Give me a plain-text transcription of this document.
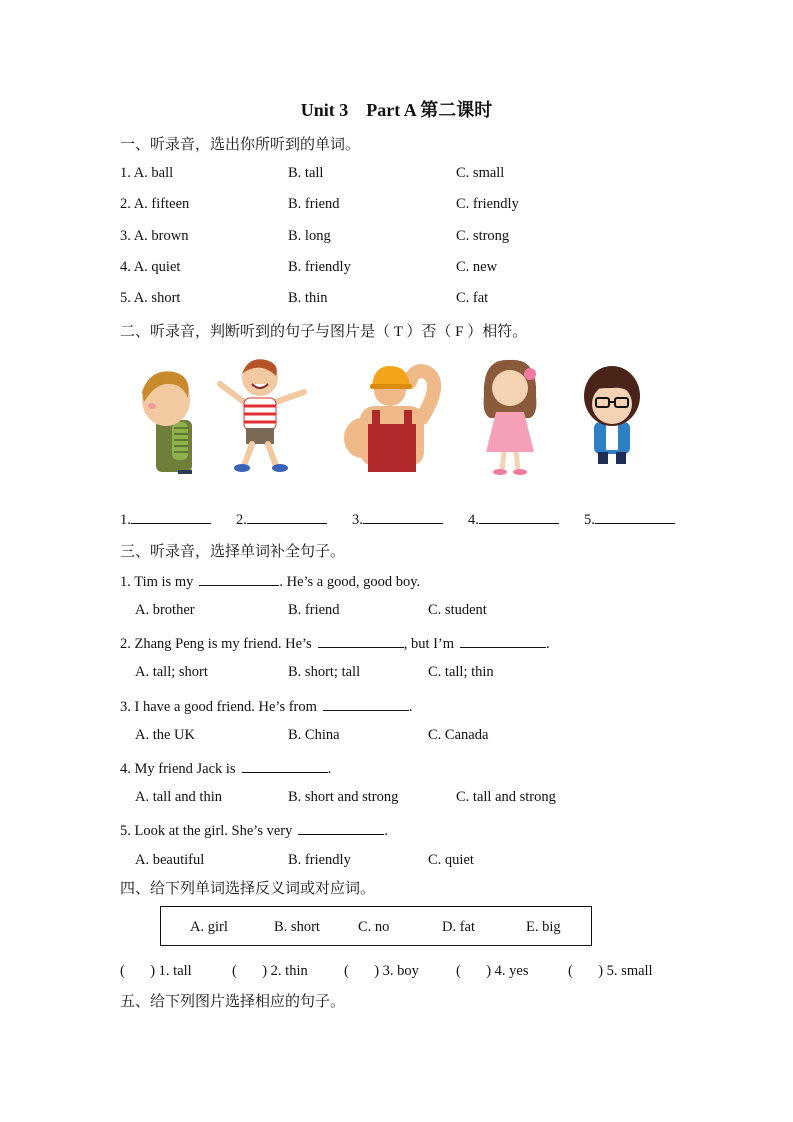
Unit 3　Part A 第二课时
一、听录音，选出你所听到的单词。
1. A. ball	B. tall	C. small
2. A. fifteen	B. friend	C. friendly
3. A. brown	B. long	C. strong
4. A. quiet	B. friendly	C. new
5. A. short	B. thin	C. fat
二、听录音，判断听到的句子与图片是（ T ）否（ F ）相符。
1.	2.	3.	4.	5.
三、听录音，选择单词补全句子。
1. Tim is my	. He’s a good, good boy.
A. brother	B. friend	C. student
2. Zhang Peng is my friend. He’s	, but I’m	.
A. tall; short	B. short; tall	C. tall; thin
3. I have a good friend. He’s from	.
A. the UK	B. China	C. Canada
4. My friend Jack is	.
A. tall and thin	B. short and strong	C. tall and strong
5. Look at the girl. She’s very	.
A. beautiful	B. friendly	C. quiet
四、给下列单词选择反义词或对应词。
A. girl	B. short	C. no	D. fat	E. big
(       ) 1. tall	(       ) 2. thin	(       ) 3. boy	(       ) 4. yes	(       ) 5. small
五、给下列图片选择相应的句子。
